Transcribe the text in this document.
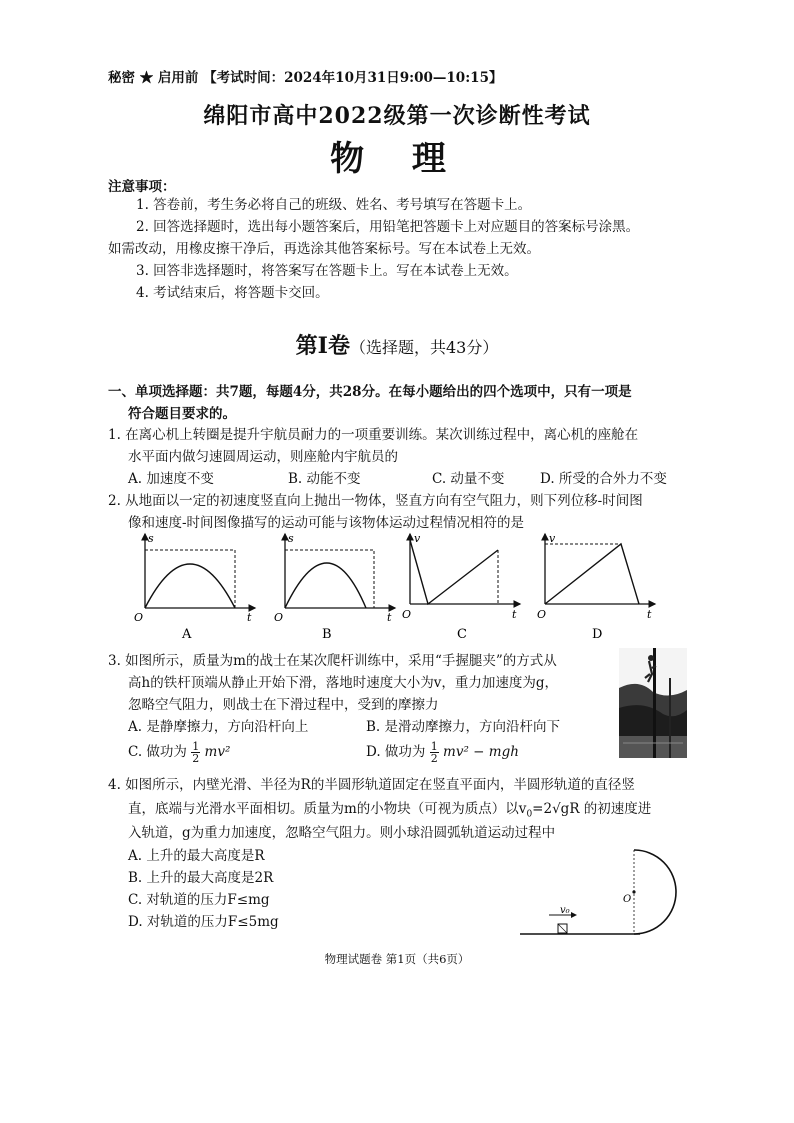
秘密 ★ 启用前 【考试时间：2024年10月31日9:00—10:15】
绵阳市高中2022级第一次诊断性考试
物 理
注意事项：
1. 答卷前，考生务必将自己的班级、姓名、考号填写在答题卡上。
2. 回答选择题时，选出每小题答案后，用铅笔把答题卡上对应题目的答案标号涂黑。
如需改动，用橡皮擦干净后，再选涂其他答案标号。写在本试卷上无效。
3. 回答非选择题时，将答案写在答题卡上。写在本试卷上无效。
4. 考试结束后，将答题卡交回。
第Ⅰ卷（选择题，共43分）
一、单项选择题：共7题，每题4分，共28分。在每小题给出的四个选项中，只有一项是
符合题目要求的。
1. 在离心机上转圈是提升宇航员耐力的一项重要训练。某次训练过程中，离心机的座舱在
水平面内做匀速圆周运动，则座舱内宇航员的
A. 加速度不变	B. 动能不变	C. 动量不变	D. 所受的合外力不变
2. 从地面以一定的初速度竖直向上抛出一物体，竖直方向有空气阻力，则下列位移-时间图
像和速度-时间图像描写的运动可能与该物体运动过程情况相符的是
s
t
O
A
s
t
O
B
v
t
O
C
v
t
O
D
3. 如图所示，质量为m的战士在某次爬杆训练中，采用“手握腿夹”的方式从
高h的铁杆顶端从静止开始下滑，落地时速度大小为v，重力加速度为g，
忽略空气阻力，则战士在下滑过程中，受到的摩擦力
A. 是静摩擦力，方向沿杆向上	B. 是滑动摩擦力，方向沿杆向下
C. 做功为 $\frac{1}{2} mv^2$	D. 做功为 $\frac{1}{2} mv^2$ − mgh
4. 如图所示，内壁光滑、半径为R的半圆形轨道固定在竖直平面内，半圆形轨道的直径竖
直，底端与光滑水平面相切。质量为m的小物块（可视为质点）以$v_0=2√gR$ 的初速度进
入轨道，g为重力加速度，忽略空气阻力。则小球沿圆弧轨道运动过程中
A. 上升的最大高度是R
B. 上升的最大高度是2R
C. 对轨道的压力F≤mg
D. 对轨道的压力F≤5mg
O
v₀
物理试题卷 第1页（共6页）
